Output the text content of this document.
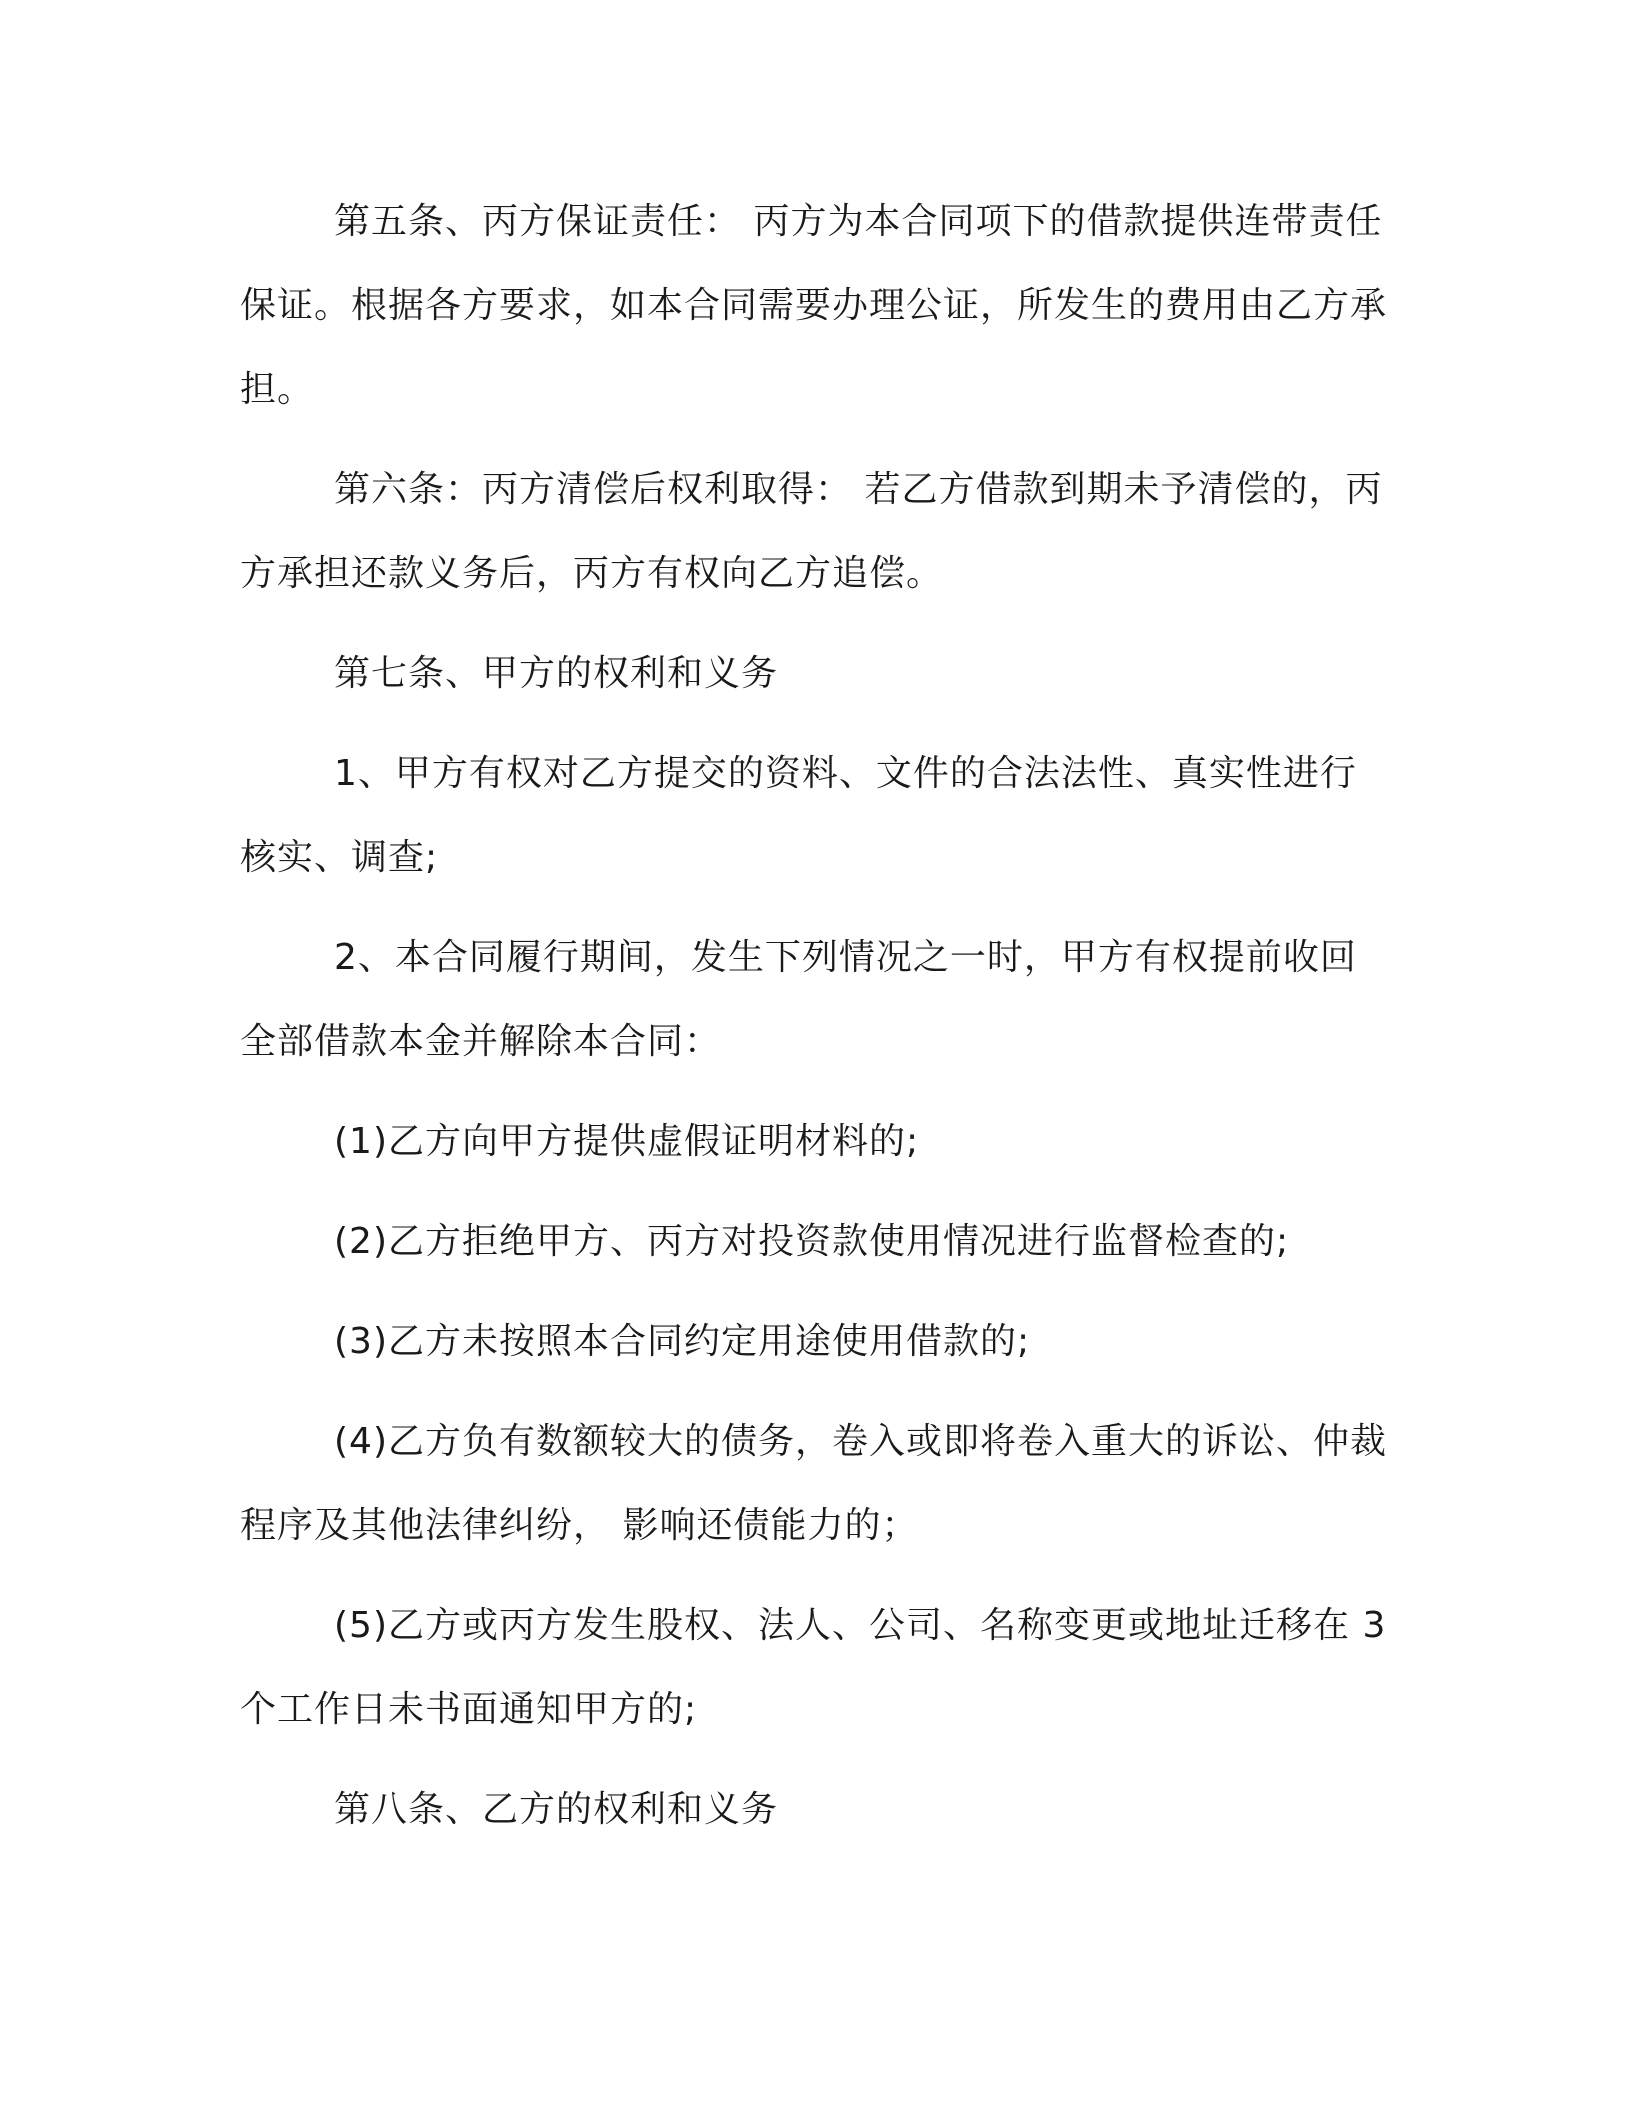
第五条、丙方保证责任： 丙方为本合同项下的借款提供连带责任保证。根据各方要求，如本合同需要办理公证，所发生的费用由乙方承担。

第六条：丙方清偿后权利取得： 若乙方借款到期未予清偿的，丙方承担还款义务后，丙方有权向乙方追偿。

第七条、甲方的权利和义务

1、甲方有权对乙方提交的资料、文件的合法法性、真实性进行核实、调查;

2、本合同履行期间，发生下列情况之一时，甲方有权提前收回全部借款本金并解除本合同：

(1)乙方向甲方提供虚假证明材料的;

(2)乙方拒绝甲方、丙方对投资款使用情况进行监督检查的;

(3)乙方未按照本合同约定用途使用借款的;

(4)乙方负有数额较大的债务，卷入或即将卷入重大的诉讼、仲裁程序及其他法律纠纷， 影响还债能力的；

(5)乙方或丙方发生股权、法人、公司、名称变更或地址迁移在 3 个工作日未书面通知甲方的;

第八条、乙方的权利和义务
